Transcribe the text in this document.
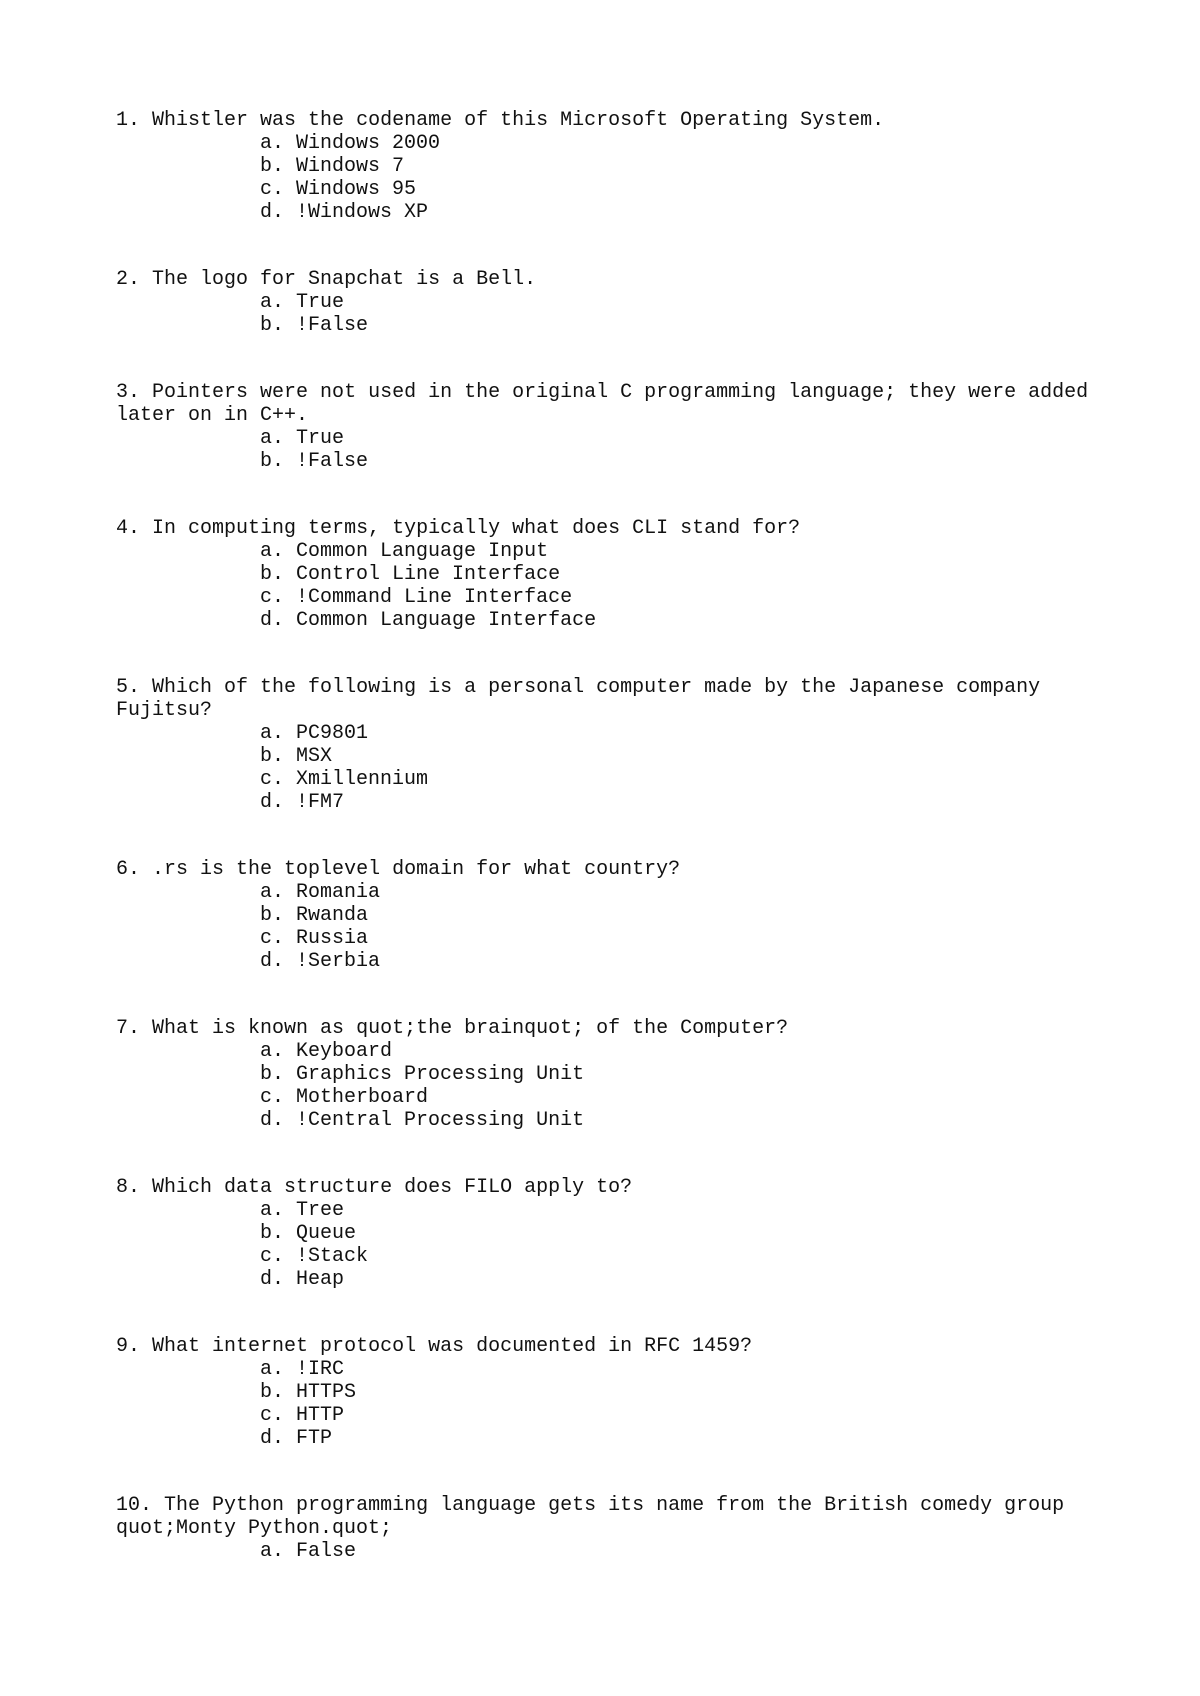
1. Whistler was the codename of this Microsoft Operating System.

a. Windows 2000
b. Windows 7
c. Windows 95
d. !Windows XP

2. The logo for Snapchat is a Bell.

a. True
b. !False

3. Pointers were not used in the original C programming language; they were added later on in C++.

a. True
b. !False

4. In computing terms, typically what does CLI stand for?

a. Common Language Input
b. Control Line Interface
c. !Command Line Interface
d. Common Language Interface

5. Which of the following is a personal computer made by the Japanese company Fujitsu?

a. PC9801
b. MSX
c. Xmillennium
d. !FM7

6. .rs is the toplevel domain for what country?

a. Romania
b. Rwanda
c. Russia
d. !Serbia

7. What is known as quot;the brainquot; of the Computer?

a. Keyboard
b. Graphics Processing Unit
c. Motherboard
d. !Central Processing Unit

8. Which data structure does FILO apply to?

a. Tree
b. Queue
c. !Stack
d. Heap

9. What internet protocol was documented in RFC 1459?

a. !IRC
b. HTTPS
c. HTTP
d. FTP

10. The Python programming language gets its name from the British comedy group quot;Monty Python.quot;

a. False
